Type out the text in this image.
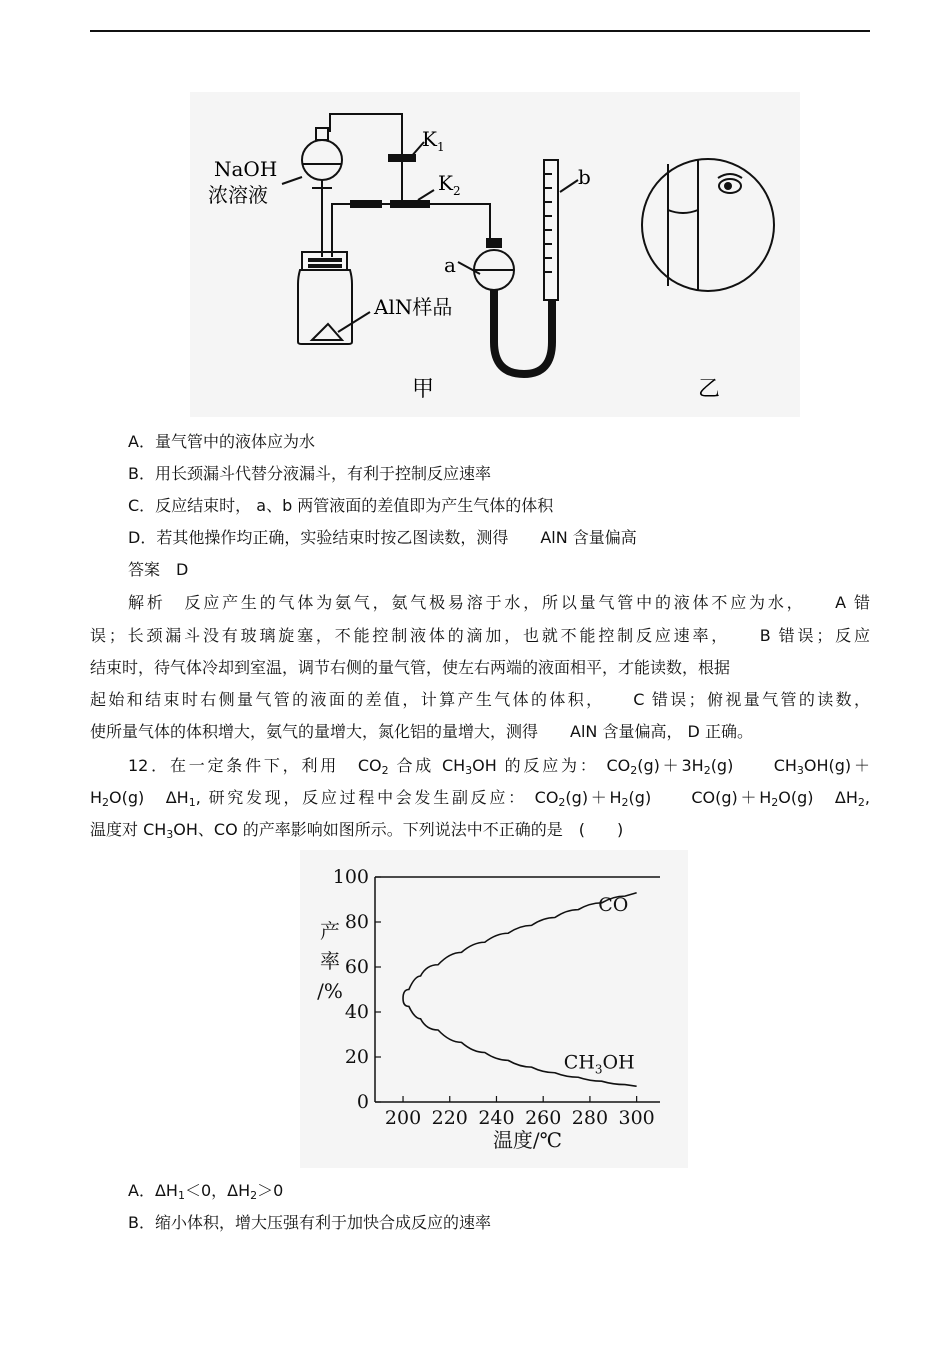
NaOH
浓溶液
$K_1$
$K_2$
a
b
AlN样品
甲	乙
A．量气管中的液体应为水
B．用长颈漏斗代替分液漏斗，有利于控制反应速率
C．反应结束时， a、b 两管液面的差值即为产生气体的体积
D．若其他操作均正确，实验结束时按乙图读数，测得　　AlN 含量偏高
答案　D
解析　反应产生的气体为氨气，氨气极易溶于水，所以量气管中的液体不应为水，　　A 错
误；长颈漏斗没有玻璃旋塞，不能控制液体的滴加，也就不能控制反应速率，　　B 错误；反应
结束时，待气体冷却到室温，调节右侧的量气管，使左右两端的液面相平，才能读数，根据
起始和结束时右侧量气管的液面的差值，计算产生气体的体积，　　C 错误；俯视量气管的读数，
使所量气体的体积增大，氨气的量增大，氮化铝的量增大，测得　　AlN 含量偏高， D 正确。
12．在一定条件下，利用　$CO_2$ 合成 $CH_3OH$ 的反应为： $CO_2(g)+3H_2(g)$　　$CH_3OH(g)+$
$H_2O(g)$　$\Delta H_1$, 研究发现，反应过程中会发生副反应： $CO_2(g)+H_2(g)$　　$CO(g)+H_2O(g)$　$\Delta H_2$,
温度对 $CH_3OH$、CO 的产率影响如图所示。下列说法中不正确的是　(　　)
200 220 240 260 280 300
0
20
40
60
80
100
产
率
/%
温度/℃
CO
$CH_3OH$
A．$\Delta H_1<0$，$\Delta H_2>0$
B．缩小体积，增大压强有利于加快合成反应的速率
